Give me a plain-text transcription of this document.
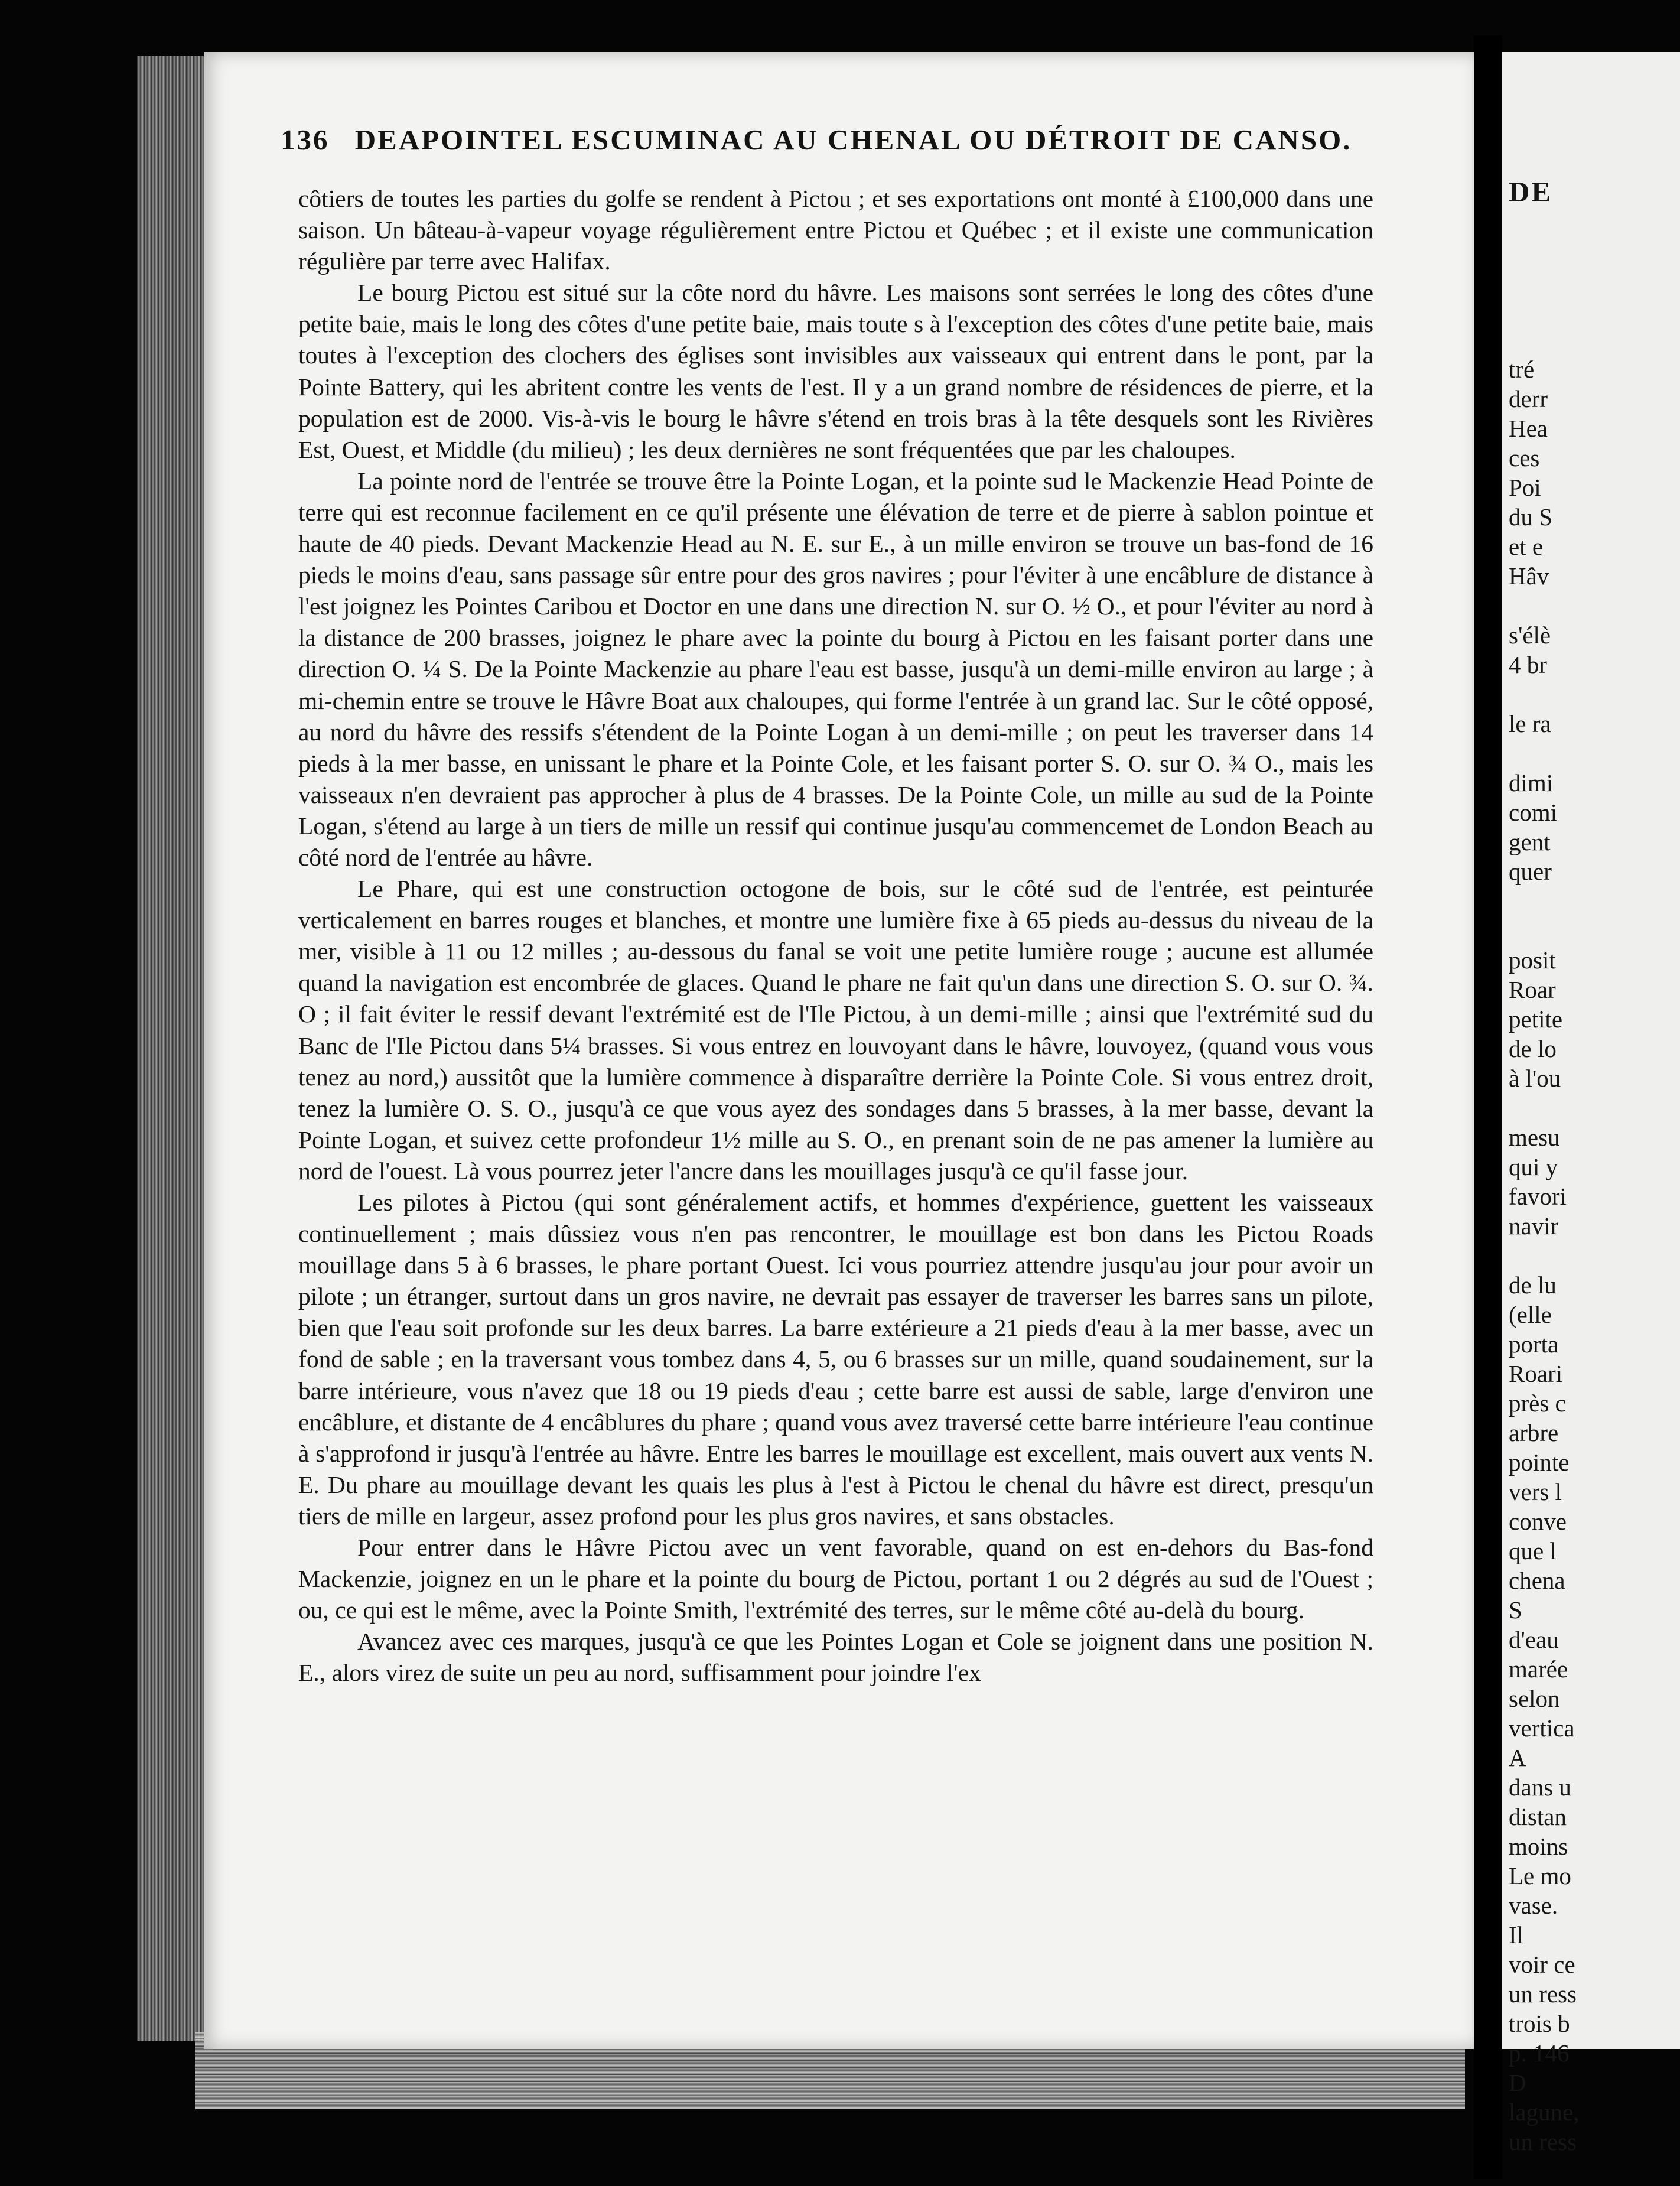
136 DEAPOINTEL ESCUMINAC AU CHENAL OU DÉTROIT DE CANSO.

côtiers de toutes les parties du golfe se rendent à Pictou ; et ses exportations ont monté à £100,000 dans une saison. Un bâteau-à-vapeur voyage régulièrement entre Pictou et Québec ; et il existe une communication régulière par terre avec Halifax.

Le bourg Pictou est situé sur la côte nord du hâvre. Les maisons sont serrées le long des côtes d'une petite baie, mais le long des côtes d'une petite baie, mais toute s à l'exception des côtes d'une petite baie, mais toutes à l'exception des clochers des églises sont invisibles aux vaisseaux qui entrent dans le pont, par la Pointe Battery, qui les abritent contre les vents de l'est. Il y a un grand nombre de résidences de pierre, et la population est de 2000. Vis-à-vis le bourg le hâvre s'étend en trois bras à la tête desquels sont les Rivières Est, Ouest, et Middle (du milieu) ; les deux dernières ne sont fréquentées que par les chaloupes.

La pointe nord de l'entrée se trouve être la Pointe Logan, et la pointe sud le Mackenzie Head Pointe de terre qui est reconnue facilement en ce qu'il présente une élévation de terre et de pierre à sablon pointue et haute de 40 pieds. Devant Mackenzie Head au N. E. sur E., à un mille environ se trouve un bas-fond de 16 pieds le moins d'eau, sans passage sûr entre pour des gros navires ; pour l'éviter à une encâblure de distance à l'est joignez les Pointes Caribou et Doctor en une dans une direction N. sur O. ½ O., et pour l'éviter au nord à la distance de 200 brasses, joignez le phare avec la pointe du bourg à Pictou en les faisant porter dans une direction O. ¼ S. De la Pointe Mackenzie au phare l'eau est basse, jusqu'à un demi-mille environ au large ; à mi-chemin entre se trouve le Hâvre Boat aux chaloupes, qui forme l'entrée à un grand lac. Sur le côté opposé, au nord du hâvre des ressifs s'étendent de la Pointe Logan à un demi-mille ; on peut les traverser dans 14 pieds à la mer basse, en unissant le phare et la Pointe Cole, et les faisant porter S. O. sur O. ¾ O., mais les vaisseaux n'en devraient pas approcher à plus de 4 brasses. De la Pointe Cole, un mille au sud de la Pointe Logan, s'étend au large à un tiers de mille un ressif qui continue jusqu'au commencemet de London Beach au côté nord de l'entrée au hâvre.

Le Phare, qui est une construction octogone de bois, sur le côté sud de l'entrée, est peinturée verticalement en barres rouges et blanches, et montre une lumière fixe à 65 pieds au-dessus du niveau de la mer, visible à 11 ou 12 milles ; au-dessous du fanal se voit une petite lumière rouge ; aucune est allumée quand la navigation est encombrée de glaces. Quand le phare ne fait qu'un dans une direction S. O. sur O. ¾. O ; il fait éviter le ressif devant l'extrémité est de l'Ile Pictou, à un demi-mille ; ainsi que l'extrémité sud du Banc de l'Ile Pictou dans 5¼ brasses. Si vous entrez en louvoyant dans le hâvre, louvoyez, (quand vous vous tenez au nord,) aussitôt que la lumière commence à disparaître derrière la Pointe Cole. Si vous entrez droit, tenez la lumière O. S. O., jusqu'à ce que vous ayez des sondages dans 5 brasses, à la mer basse, devant la Pointe Logan, et suivez cette profondeur 1½ mille au S. O., en prenant soin de ne pas amener la lumière au nord de l'ouest. Là vous pourrez jeter l'ancre dans les mouillages jusqu'à ce qu'il fasse jour.

Les pilotes à Pictou (qui sont généralement actifs, et hommes d'expérience, guettent les vaisseaux continuellement ; mais dûssiez vous n'en pas rencontrer, le mouillage est bon dans les Pictou Roads mouillage dans 5 à 6 brasses, le phare portant Ouest. Ici vous pourriez attendre jusqu'au jour pour avoir un pilote ; un étranger, surtout dans un gros navire, ne devrait pas essayer de traverser les barres sans un pilote, bien que l'eau soit profonde sur les deux barres. La barre extérieure a 21 pieds d'eau à la mer basse, avec un fond de sable ; en la traversant vous tombez dans 4, 5, ou 6 brasses sur un mille, quand soudainement, sur la barre intérieure, vous n'avez que 18 ou 19 pieds d'eau ; cette barre est aussi de sable, large d'environ une encâblure, et distante de 4 encâblures du phare ; quand vous avez traversé cette barre intérieure l'eau continue à s'approfond ir jusqu'à l'entrée au hâvre. Entre les barres le mouillage est excellent, mais ouvert aux vents N. E. Du phare au mouillage devant les quais les plus à l'est à Pictou le chenal du hâvre est direct, presqu'un tiers de mille en largeur, assez profond pour les plus gros navires, et sans obstacles.

Pour entrer dans le Hâvre Pictou avec un vent favorable, quand on est en-dehors du Bas-fond Mackenzie, joignez en un le phare et la pointe du bourg de Pictou, portant 1 ou 2 dégrés au sud de l'Ouest ; ou, ce qui est le même, avec la Pointe Smith, l'extrémité des terres, sur le même côté au-delà du bourg.

Avancez avec ces marques, jusqu'à ce que les Pointes Logan et Cole se joignent dans une position N. E., alors virez de suite un peu au nord, suffisamment pour joindre l'ex

DE

tré
derr
Hea
ces
Poi
du S
et e
Hâv
s'élè
4 br
le ra
dimi
comi
gent
quer
posit
Roar
petite
de lo
à l'ou
mesu
qui y
favori
navir
de lu
(elle
porta
Roari
près c
arbre
pointe
vers l
conve
que l
chena
S
d'eau
marée
selon
vertica
A
dans u
distan
moins
Le mo
vase.
Il
voir ce
un ress
trois b
p. 146
D
lagune,
un ress
